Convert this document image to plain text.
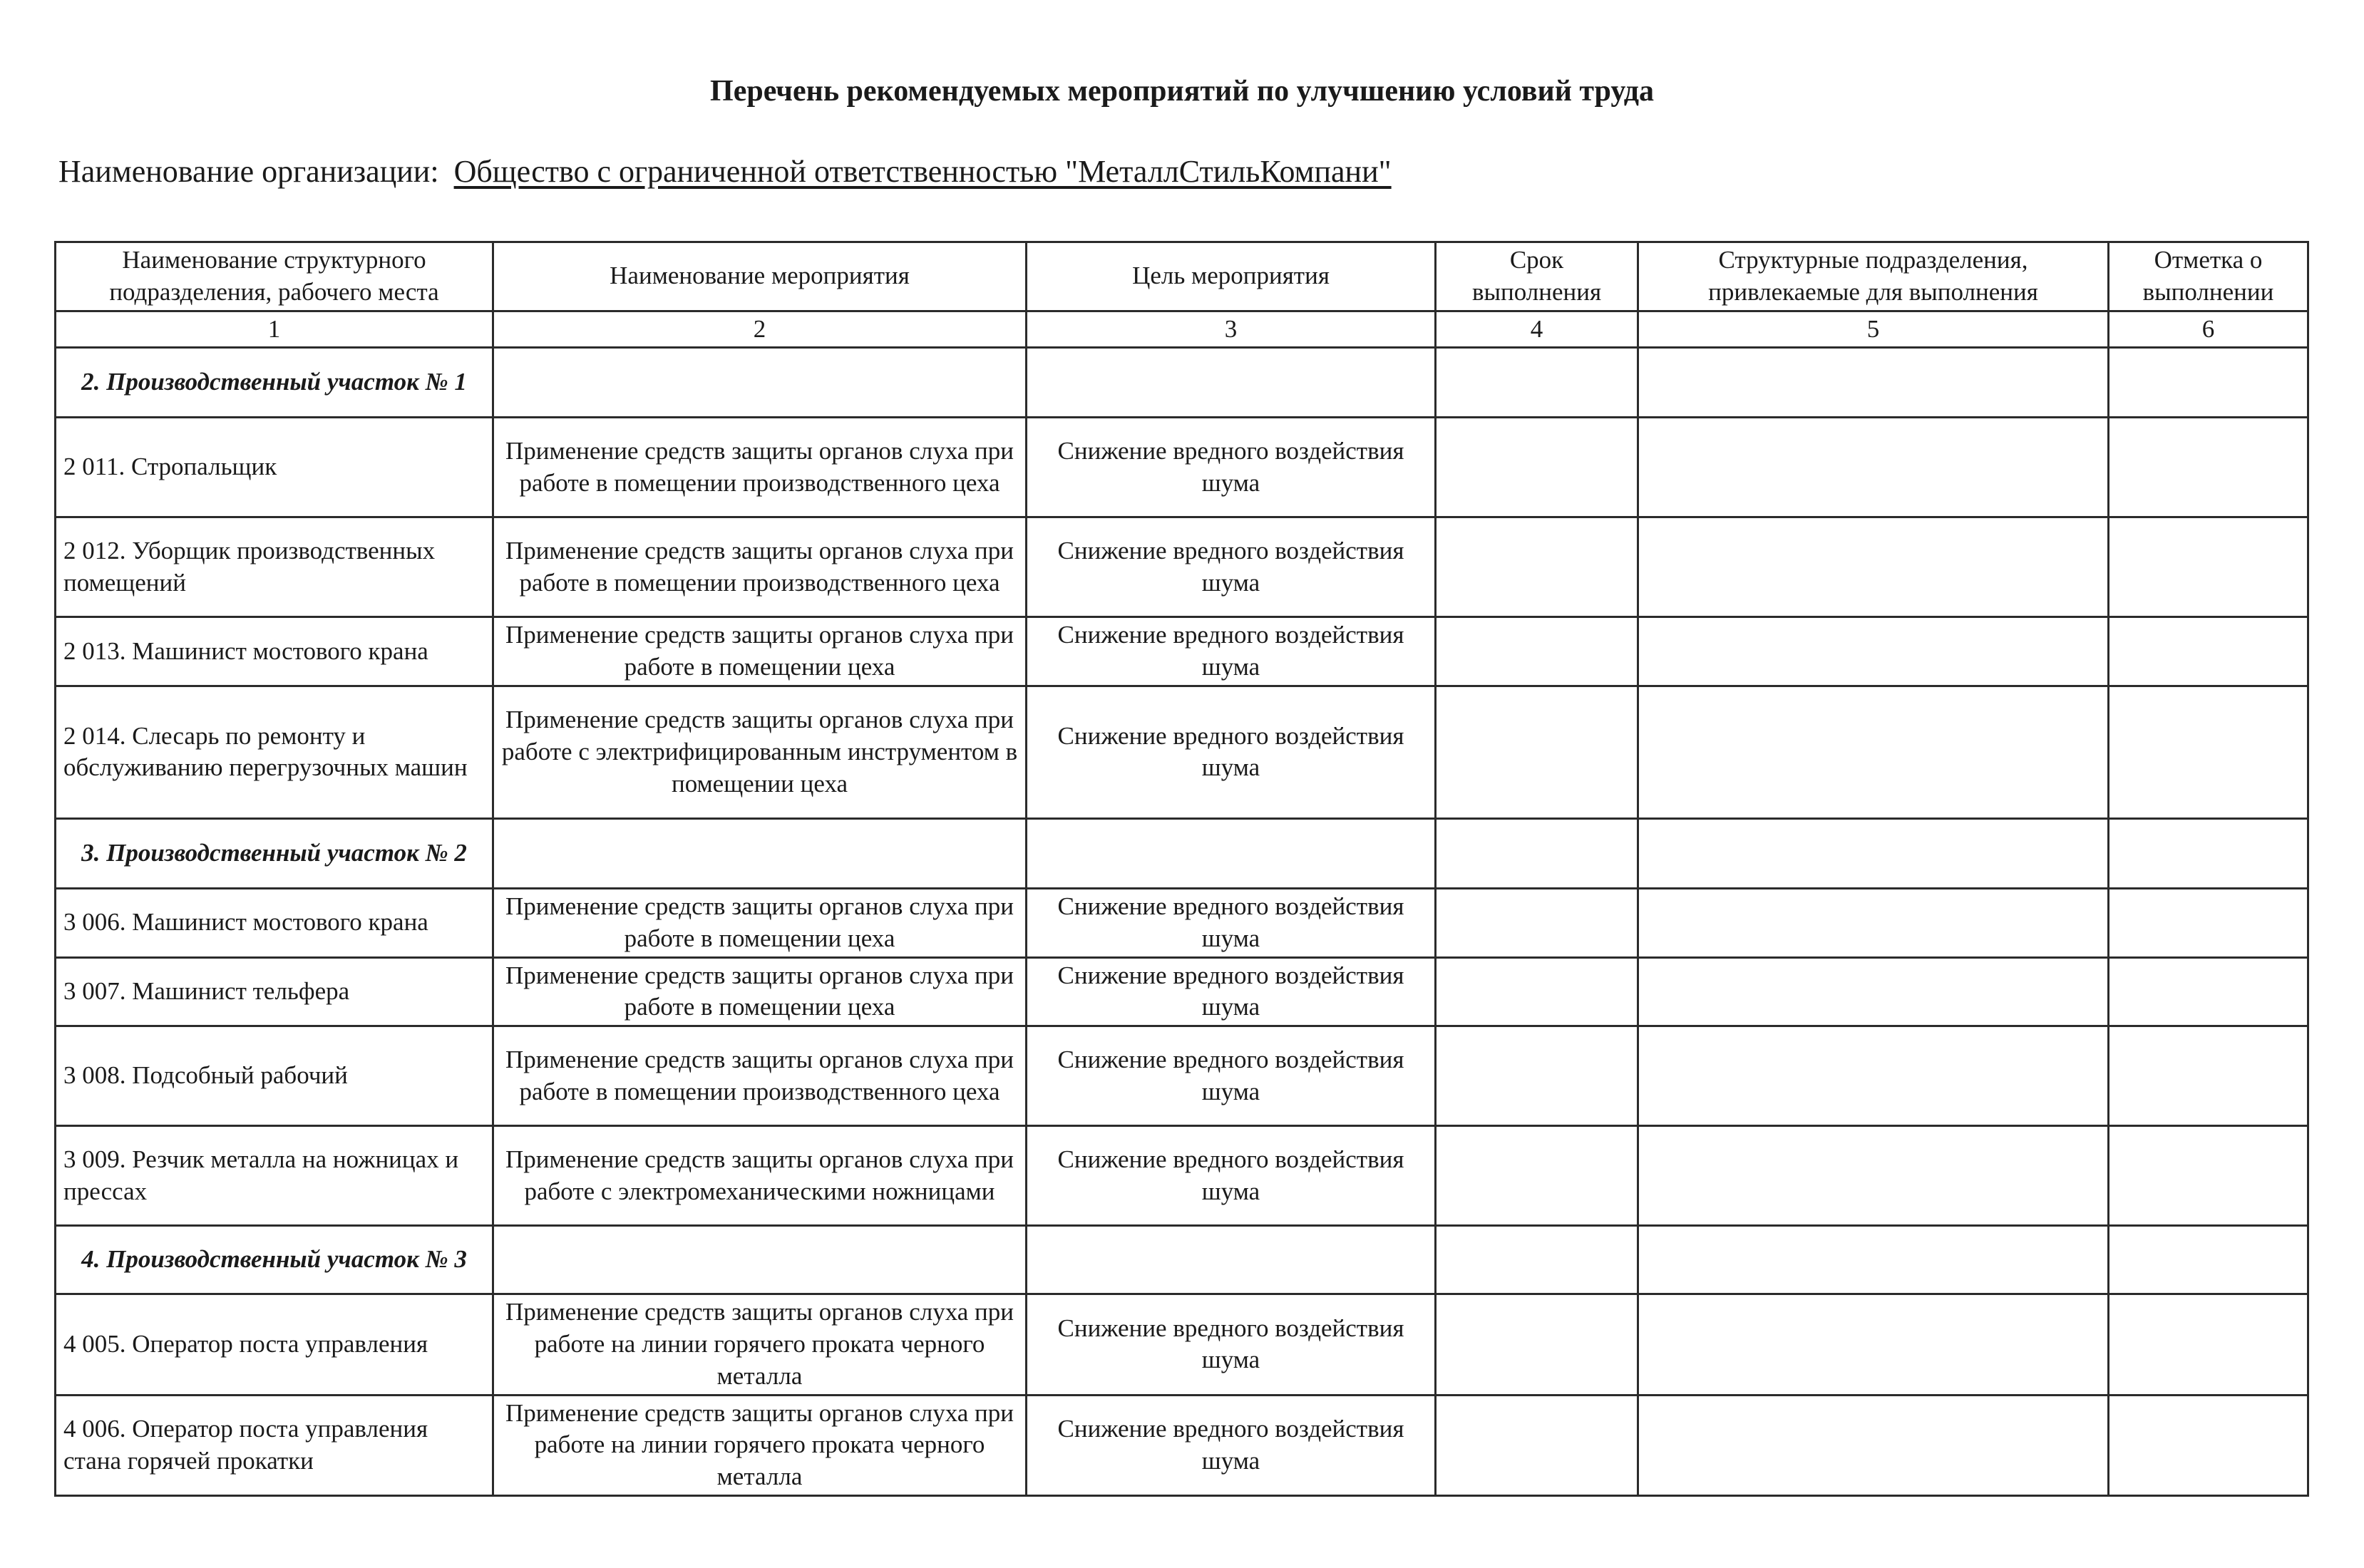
Перечень рекомендуемых мероприятий по улучшению условий труда
Наименование организации: Общество с ограниченной ответственностью "МеталлСтильКомпани"
Наименование структурного подразделения, рабочего места	Наименование мероприятия	Цель мероприятия	Срок выполнения	Структурные подразделения, привлекаемые для выполнения	Отметка о выполнении
1	2	3	4	5	6
2. Производственный участок № 1					
2 011. Стропальщик	Применение средств защиты органов слуха при работе в помещении производственного цеха	Снижение вредного воздействия шума			
2 012. Уборщик производственных помещений	Применение средств защиты органов слуха при работе в помещении производственного цеха	Снижение вредного воздействия шума			
2 013. Машинист мостового крана	Применение средств защиты органов слуха при работе в помещении цеха	Снижение вредного воздействия шума			
2 014. Слесарь по ремонту и обслуживанию перегрузочных машин	Применение средств защиты органов слуха при работе с электрифицированным инструментом в помещении цеха	Снижение вредного воздействия шума			
3. Производственный участок № 2					
3 006. Машинист мостового крана	Применение средств защиты органов слуха при работе в помещении цеха	Снижение вредного воздействия шума			
3 007. Машинист тельфера	Применение средств защиты органов слуха при работе в помещении цеха	Снижение вредного воздействия шума			
3 008. Подсобный рабочий	Применение средств защиты органов слуха при работе в помещении производственного цеха	Снижение вредного воздействия шума			
3 009. Резчик металла на ножницах и прессах	Применение средств защиты органов слуха при работе с электромеханическими ножницами	Снижение вредного воздействия шума			
4. Производственный участок № 3					
4 005. Оператор поста управления	Применение средств защиты органов слуха при работе на линии горячего проката черного металла	Снижение вредного воздействия шума			
4 006. Оператор поста управления стана горячей прокатки	Применение средств защиты органов слуха при работе на линии горячего проката черного металла	Снижение вредного воздействия шума			
